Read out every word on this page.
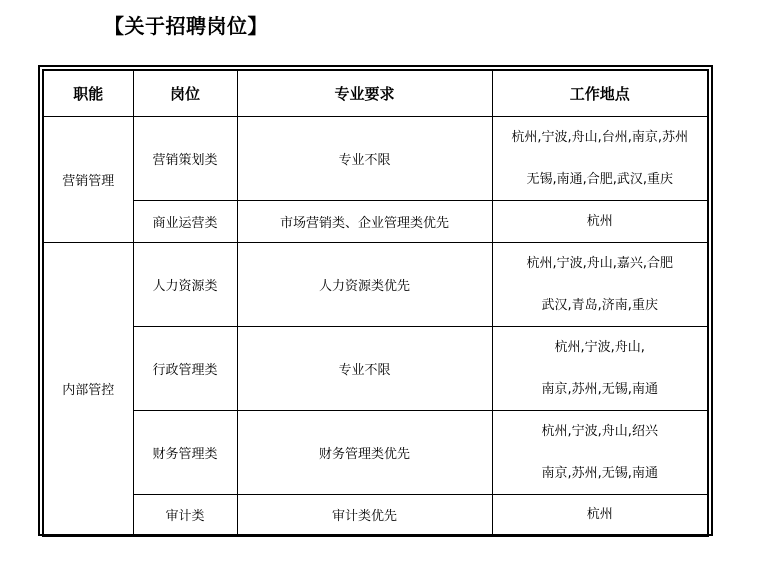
【关于招聘岗位】
职能	岗位	专业要求	工作地点
营销管理	营销策划类	专业不限	杭州,宁波,舟山,台州,南京,苏州
无锡,南通,合肥,武汉,重庆

	商业运营类	市场营销类、企业管理类优先	杭州

内部管控	人力资源类	人力资源类优先	杭州,宁波,舟山,嘉兴,合肥
武汉,青岛,济南,重庆

	行政管理类	专业不限	杭州,宁波,舟山,
南京,苏州,无锡,南通

	财务管理类	财务管理类优先	杭州,宁波,舟山,绍兴
南京,苏州,无锡,南通

	审计类	审计类优先	杭州
